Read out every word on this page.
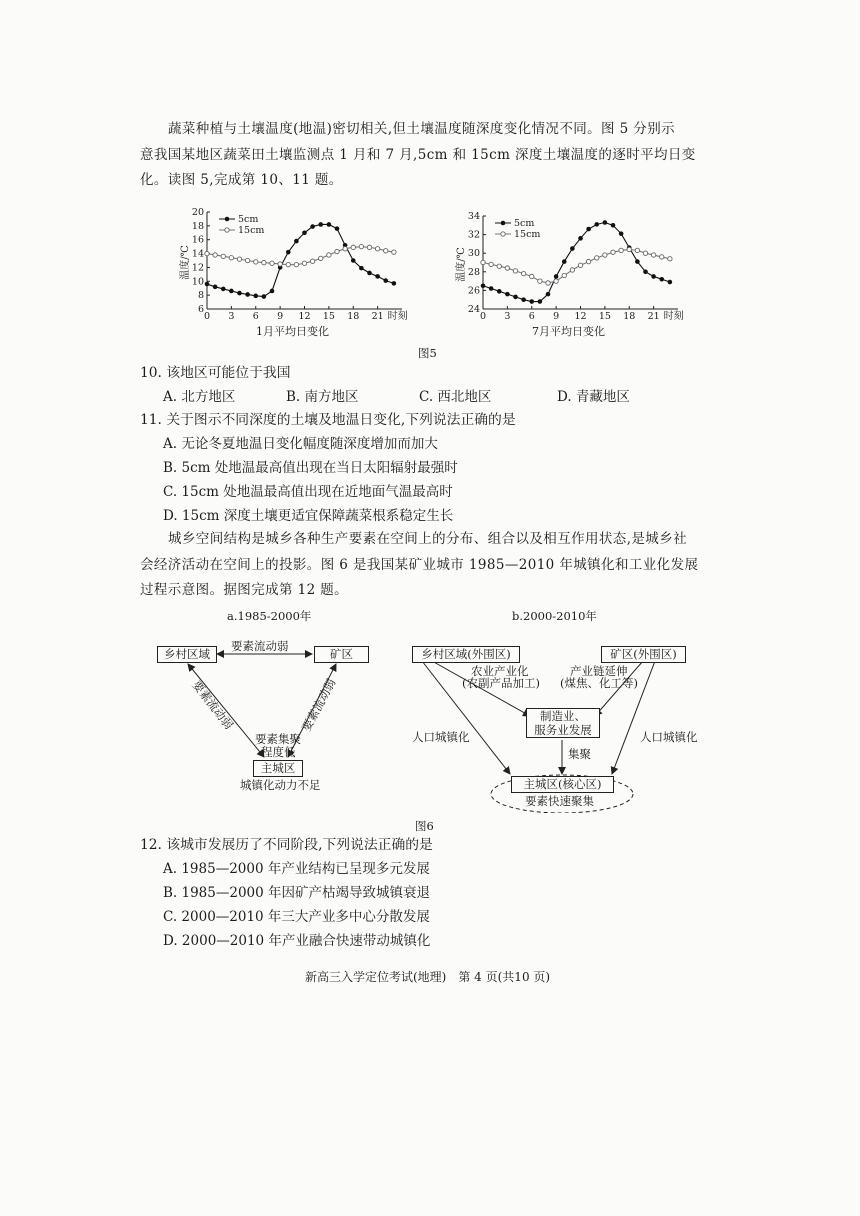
蔬菜种植与土壤温度(地温)密切相关,但土壤温度随深度变化情况不同。图 5 分别示
意我国某地区蔬菜田土壤监测点 1 月和 7 月,5cm 和 15cm 深度土壤温度的逐时平均日变
化。读图 5,完成第 10、11 题。
20
18
16
14
12
10
8
6
0 3 6 9 12 15 18 21 时刻
1月平均日变化
温度/℃
5cm
15cm
34
32
30
28
26
24
0 3 6 9 12 15 18 21 时刻
7月平均日变化
温度/℃
5cm
15cm
图5
10. 该地区可能位于我国
A. 北方地区	B. 南方地区	C. 西北地区	D. 青藏地区
11. 关于图示不同深度的土壤及地温日变化,下列说法正确的是
A. 无论冬夏地温日变化幅度随深度增加而加大
B. 5cm 处地温最高值出现在当日太阳辐射最强时
C. 15cm 处地温最高值出现在近地面气温最高时
D. 15cm 深度土壤更适宜保障蔬菜根系稳定生长
城乡空间结构是城乡各种生产要素在空间上的分布、组合以及相互作用状态,是城乡社
会经济活动在空间上的投影。图 6 是我国某矿业城市 1985—2010 年城镇化和工业化发展
过程示意图。据图完成第 12 题。
a.1985-2000年
乡村区域	矿区
要素流动弱
要素流动弱	要素流动弱
要素集聚
程度低
主城区
城镇化动力不足
b.2000-2010年
乡村区域(外围区)	矿区(外围区)
农业产业化
(农副产品加工)
产业链延伸
(煤焦、化工等)
制造业、
服务业发展
人口城镇化	人口城镇化
集聚
主城区(核心区)
要素快速聚集
图6
12. 该城市发展历了不同阶段,下列说法正确的是
A. 1985—2000 年产业结构已呈现多元发展
B. 1985—2000 年因矿产枯竭导致城镇衰退
C. 2000—2010 年三大产业多中心分散发展
D. 2000—2010 年产业融合快速带动城镇化
新高三入学定位考试(地理)　第 4 页(共10 页)
